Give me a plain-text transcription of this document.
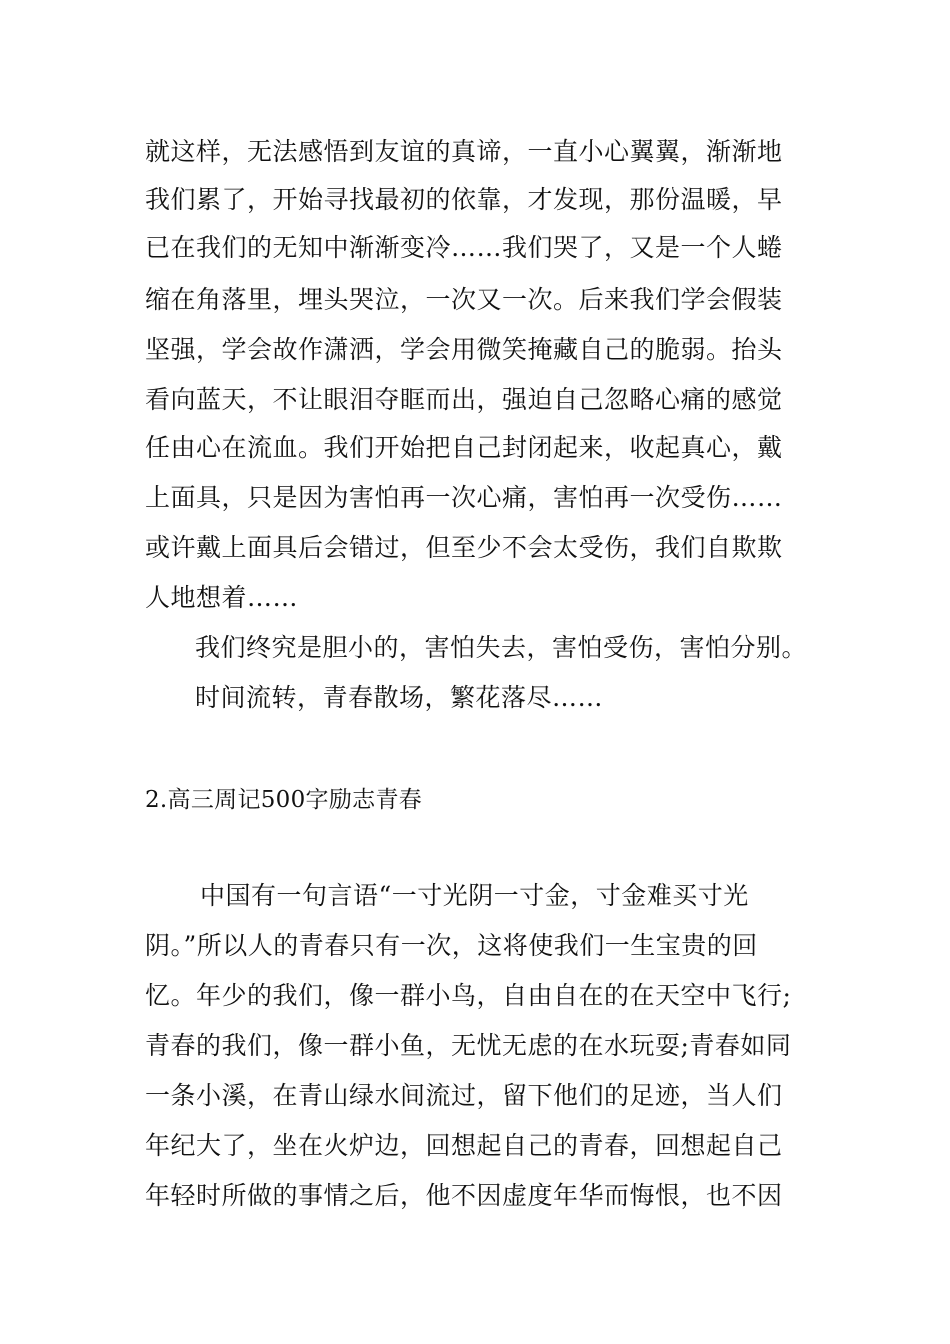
就这样，无法感悟到友谊的真谛，一直小心翼翼，渐渐地
我们累了，开始寻找最初的依靠，才发现，那份温暖，早
已在我们的无知中渐渐变冷……我们哭了，又是一个人蜷
缩在角落里，埋头哭泣，一次又一次。后来我们学会假装
坚强，学会故作潇洒，学会用微笑掩藏自己的脆弱。抬头
看向蓝天，不让眼泪夺眶而出，强迫自己忽略心痛的感觉
任由心在流血。我们开始把自己封闭起来，收起真心，戴
上面具，只是因为害怕再一次心痛，害怕再一次受伤……
或许戴上面具后会错过，但至少不会太受伤，我们自欺欺
人地想着……
我们终究是胆小的，害怕失去，害怕受伤，害怕分别。
时间流转，青春散场，繁花落尽……
2.高三周记500字励志青春
中国有一句言语“一寸光阴一寸金，寸金难买寸光
阴。”所以人的青春只有一次，这将使我们一生宝贵的回
忆。年少的我们，像一群小鸟，自由自在的在天空中飞行;
青春的我们，像一群小鱼，无忧无虑的在水玩耍;青春如同
一条小溪，在青山绿水间流过，留下他们的足迹，当人们
年纪大了，坐在火炉边，回想起自己的青春，回想起自己
年轻时所做的事情之后，他不因虚度年华而悔恨，也不因
